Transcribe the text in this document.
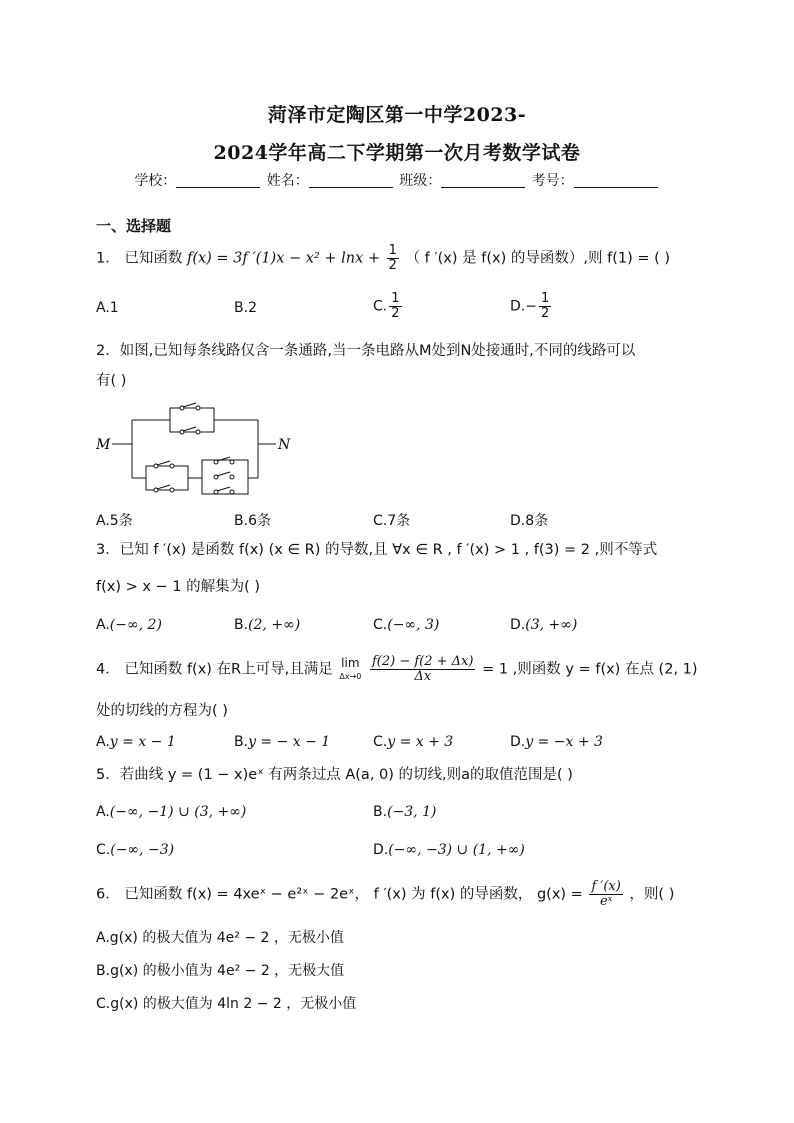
菏泽市定陶区第一中学2023-
2024学年高二下学期第一次月考数学试卷
学校：	姓名：	班级：	考号：
一、选择题
1． 已知函数 f(x) = 3f $'(1)x - x^2 + \ln x + \frac{1}{2}$ （ f ′(x) 是 f(x) 的导函数）,则 f(1) = ( )
A.1	B.2	C. $\frac{1}{2}$	$D.- \frac{1}{2}$
2．如图,已知每条线路仅含一条通路,当一条电路从M处到N处接通时,不同的线路可以
有( )
M	N
A.5条	B.6条	C.7条	D.8条
3．已知 f ′(x) 是函数 f(x) (x ∈ R) 的导数,且 ∀x ∈ R , f ′(x) > 1 , f(3) = 2 ,则不等式
f(x) > x − 1 的解集为( )
A.(−∞, 2)	B.(2, +∞)	C.(−∞, 3)	D.(3, +∞)
4． 已知函数 f(x) 在R上可导,且满足 lim
Δx→0
$\frac{f(2) - f(2 + \Delta x)}{\Delta x} = 1$ ,则函数 y = f(x) 在点 (2, 1)
处的切线的方程为( )
A.y = x − 1	B.y = − x − 1	C.y = x + 3	D.y = −x + 3
5．若曲线 y = (1 − x)eˣ 有两条过点 A(a, 0) 的切线,则a的取值范围是( )
A.(−∞, −1) ∪ (3, +∞)	B.(−3, 1)
C.(−∞, −3)	D.(−∞, −3) ∪ (1, +∞)
6． 已知函数 f(x) = 4xeˣ − e²ˣ − 2eˣ， f ′(x) 为 f(x) 的导函数， $g(x) = \frac{f '(x)}{\text{eˣ}}$ ，则( )
A.g(x) 的极大值为 4e² − 2 ，无极小值
B.g(x) 的极小值为 4e² − 2 ，无极大值
C.g(x) 的极大值为 4ln 2 − 2 ，无极小值
